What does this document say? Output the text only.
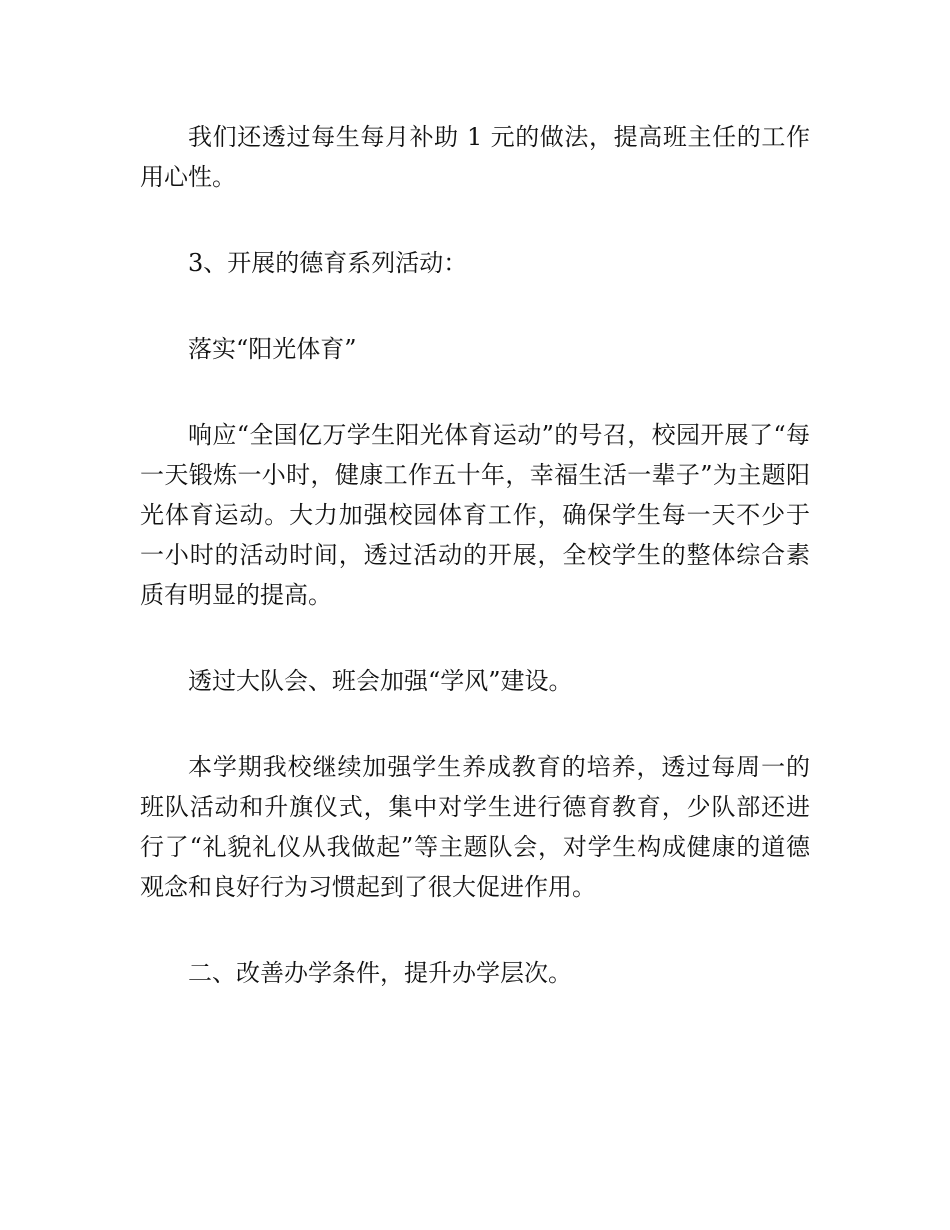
我们还透过每生每月补助 1 元的做法，提高班主任的工作用心性。

3、开展的德育系列活动：

落实“阳光体育”

响应“全国亿万学生阳光体育运动”的号召，校园开展了“每一天锻炼一小时，健康工作五十年，幸福生活一辈子”为主题阳光体育运动。大力加强校园体育工作，确保学生每一天不少于一小时的活动时间，透过活动的开展，全校学生的整体综合素质有明显的提高。

透过大队会、班会加强“学风”建设。

本学期我校继续加强学生养成教育的培养，透过每周一的班队活动和升旗仪式，集中对学生进行德育教育，少队部还进行了“礼貌礼仪从我做起”等主题队会，对学生构成健康的道德观念和良好行为习惯起到了很大促进作用。

二、改善办学条件，提升办学层次。
